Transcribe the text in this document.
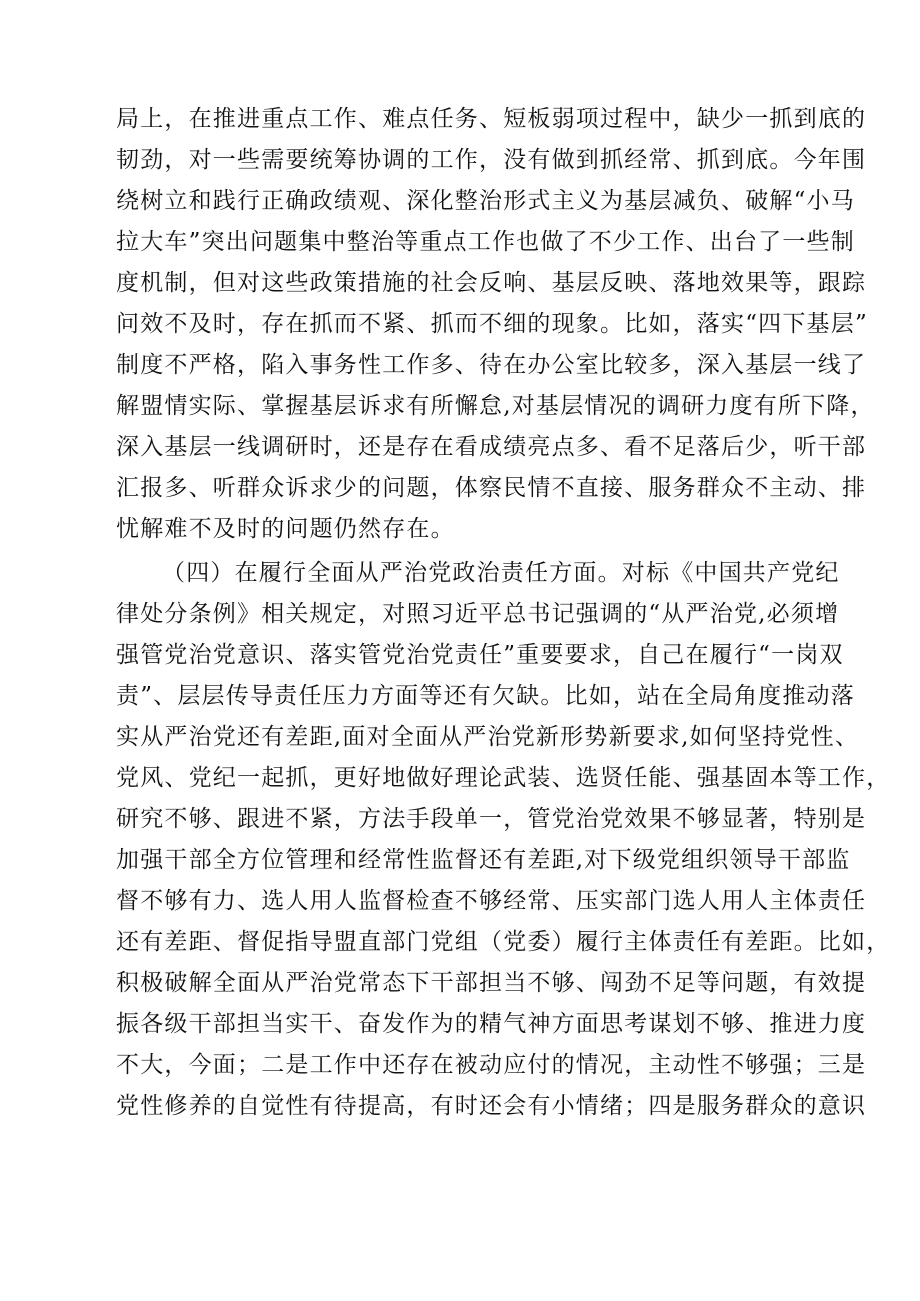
局上，在推进重点工作、难点任务、短板弱项过程中，缺少一抓到底的
韧劲，对一些需要统筹协调的工作，没有做到抓经常、抓到底。今年围
绕树立和践行正确政绩观、深化整治形式主义为基层减负、破解“小马
拉大车”突出问题集中整治等重点工作也做了不少工作、出台了一些制
度机制，但对这些政策措施的社会反响、基层反映、落地效果等，跟踪
问效不及时，存在抓而不紧、抓而不细的现象。比如，落实“四下基层”
制度不严格，陷入事务性工作多、待在办公室比较多，深入基层一线了
解盟情实际、掌握基层诉求有所懈怠,对基层情况的调研力度有所下降，
深入基层一线调研时，还是存在看成绩亮点多、看不足落后少，听干部
汇报多、听群众诉求少的问题，体察民情不直接、服务群众不主动、排
忧解难不及时的问题仍然存在。
（四）在履行全面从严治党政治责任方面。对标《中国共产党纪
律处分条例》相关规定，对照习近平总书记强调的“从严治党,必须增
强管党治党意识、落实管党治党责任”重要要求，自己在履行“一岗双
责”、层层传导责任压力方面等还有欠缺。比如，站在全局角度推动落
实从严治党还有差距,面对全面从严治党新形势新要求,如何坚持党性、
党风、党纪一起抓，更好地做好理论武装、选贤任能、强基固本等工作，
研究不够、跟进不紧，方法手段单一，管党治党效果不够显著，特别是
加强干部全方位管理和经常性监督还有差距,对下级党组织领导干部监
督不够有力、选人用人监督检查不够经常、压实部门选人用人主体责任
还有差距、督促指导盟直部门党组（党委）履行主体责任有差距。比如，
积极破解全面从严治党常态下干部担当不够、闯劲不足等问题，有效提
振各级干部担当实干、奋发作为的精气神方面思考谋划不够、推进力度
不大，今面；二是工作中还存在被动应付的情况，主动性不够强；三是
党性修养的自觉性有待提高，有时还会有小情绪；四是服务群众的意识
